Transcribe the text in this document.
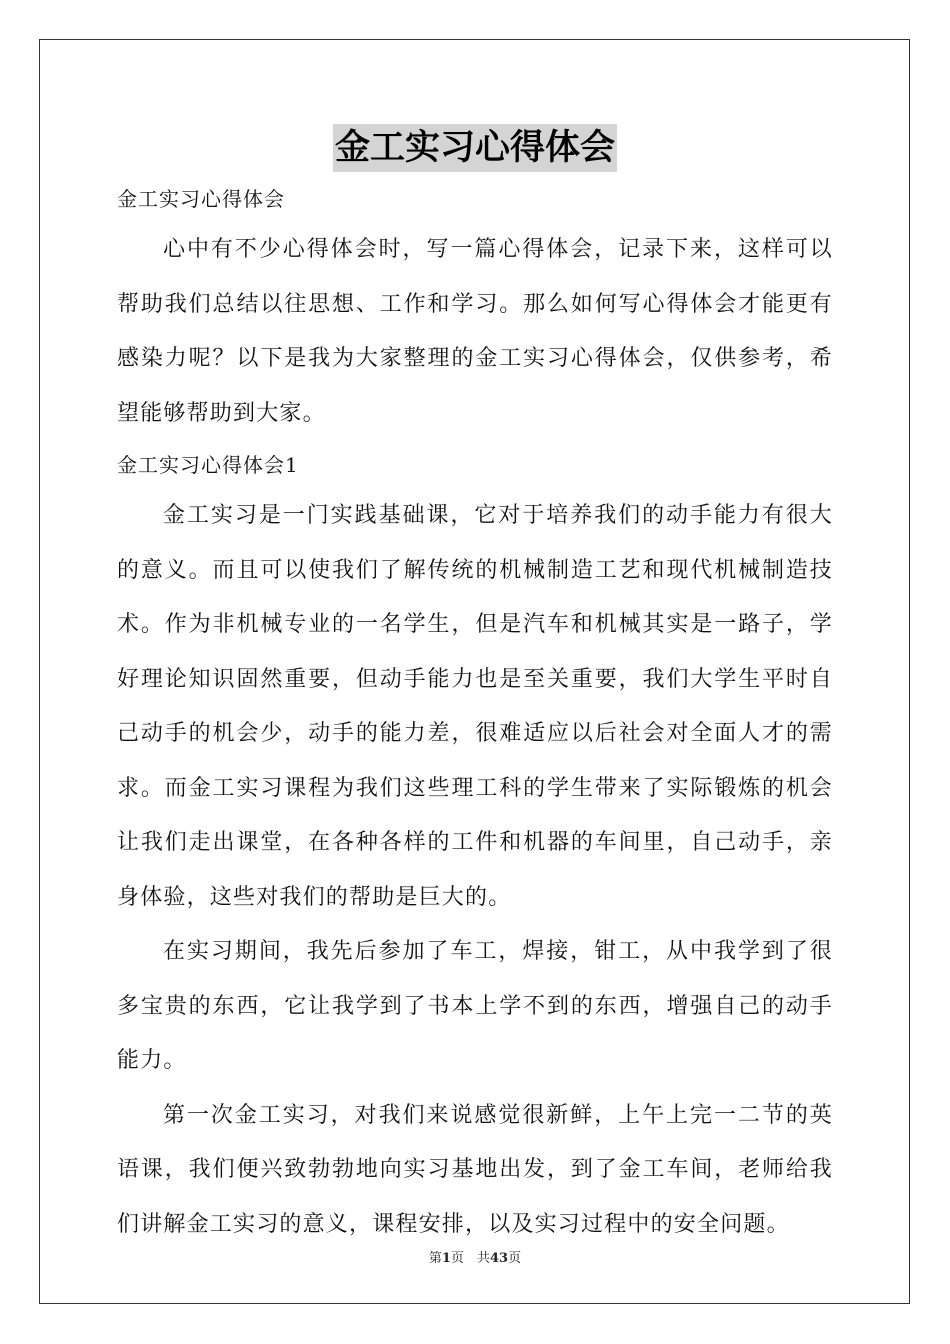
金工实习心得体会

金工实习心得体会

心中有不少心得体会时，写一篇心得体会，记录下来，这样可以帮助我们总结以往思想、工作和学习。那么如何写心得体会才能更有感染力呢？以下是我为大家整理的金工实习心得体会，仅供参考，希望能够帮助到大家。

金工实习心得体会1

金工实习是一门实践基础课，它对于培养我们的动手能力有很大的意义。而且可以使我们了解传统的机械制造工艺和现代机械制造技术。作为非机械专业的一名学生，但是汽车和机械其实是一路子，学好理论知识固然重要，但动手能力也是至关重要，我们大学生平时自己动手的机会少，动手的能力差，很难适应以后社会对全面人才的需求。而金工实习课程为我们这些理工科的学生带来了实际锻炼的机会让我们走出课堂，在各种各样的工件和机器的车间里，自己动手，亲身体验，这些对我们的帮助是巨大的。

在实习期间，我先后参加了车工，焊接，钳工，从中我学到了很多宝贵的东西，它让我学到了书本上学不到的东西，增强自己的动手能力。

第一次金工实习，对我们来说感觉很新鲜，上午上完一二节的英语课，我们便兴致勃勃地向实习基地出发，到了金工车间，老师给我们讲解金工实习的意义，课程安排，以及实习过程中的安全问题。

第1页　共43页
